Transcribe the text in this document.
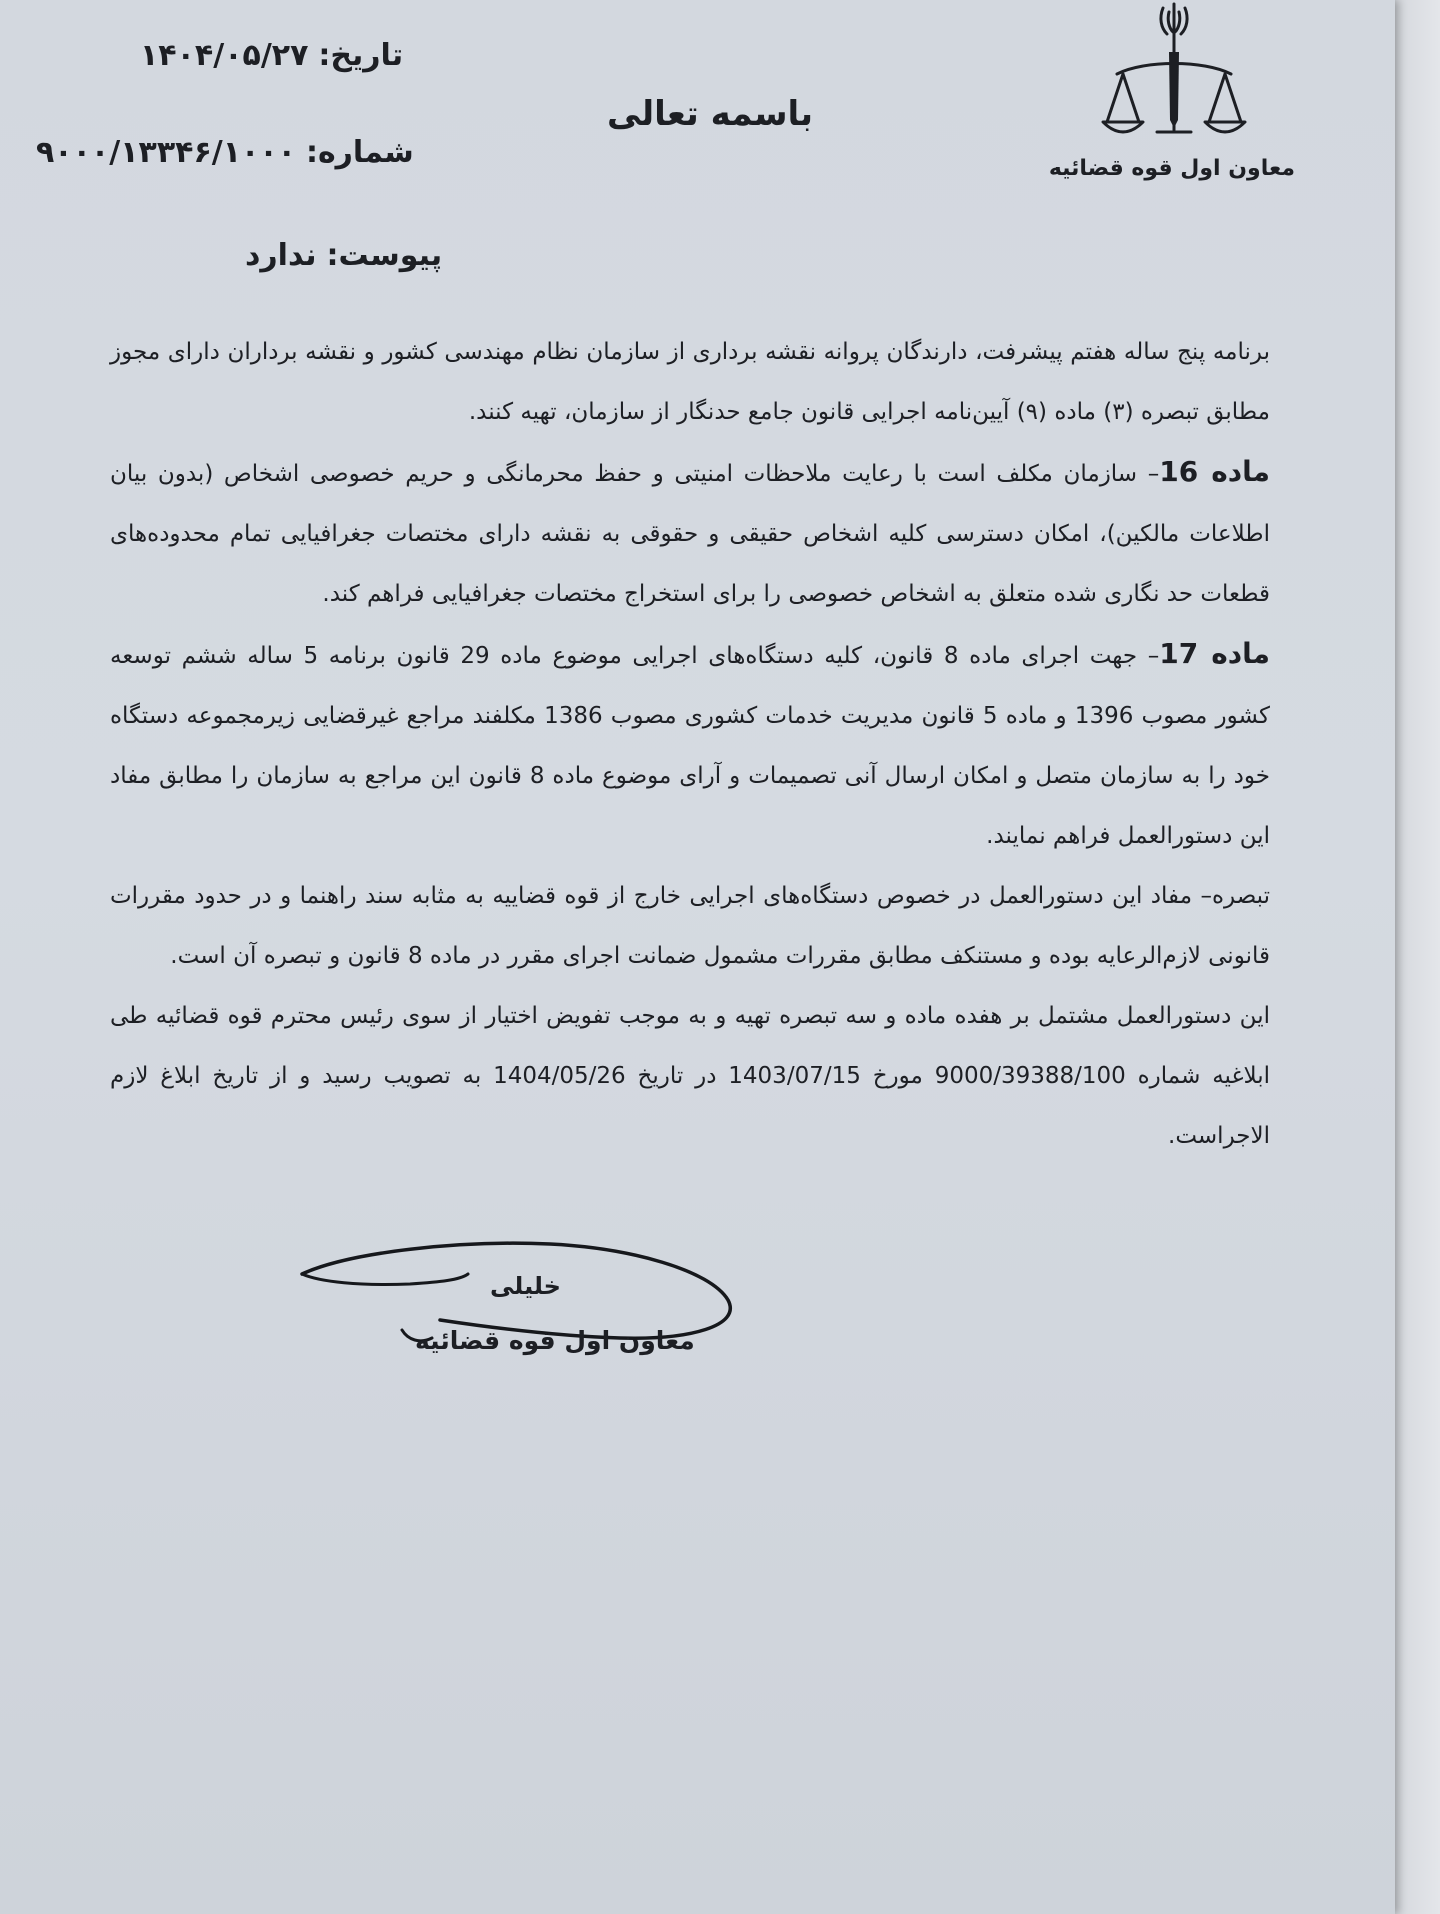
معاون اول قوه قضائیه
باسمه تعالی
تاریخ:۱۴۰۴/۰۵/۲۷
شماره:۹۰۰۰/۱۳۳۴۶/۱۰۰۰
پیوست:ندارد

برنامه پنج ساله هفتم پیشرفت، دارندگان پروانه نقشه برداری از سازمان نظام مهندسی کشور و نقشه برداران دارای مجوز مطابق تبصره (۳) ماده (۹) آیین‌نامه اجرایی قانون جامع حدنگار از سازمان، تهیه کنند.

ماده 16– سازمان مکلف است با رعایت ملاحظات امنیتی و حفظ محرمانگی و حریم خصوصی اشخاص (بدون بیان اطلاعات مالکین)، امکان دسترسی کلیه اشخاص حقیقی و حقوقی به نقشه دارای مختصات جغرافیایی تمام محدوده‌های قطعات حد نگاری شده متعلق به اشخاص خصوصی را برای استخراج مختصات جغرافیایی فراهم کند.

ماده 17– جهت اجرای ماده 8 قانون، کلیه دستگاه‌های اجرایی موضوع ماده 29 قانون برنامه 5 ساله ششم توسعه کشور مصوب 1396 و ماده 5 قانون مدیریت خدمات کشوری مصوب 1386 مکلفند مراجع غیرقضایی زیرمجموعه دستگاه خود را به سازمان متصل و امکان ارسال آنی تصمیمات و آرای موضوع ماده 8 قانون این مراجع به سازمان را مطابق مفاد این دستورالعمل فراهم نمایند.

تبصره– مفاد این دستورالعمل در خصوص دستگاه‌های اجرایی خارج از قوه قضاییه به مثابه سند راهنما و در حدود مقررات قانونی لازم‌الرعایه بوده و مستنکف مطابق مقررات مشمول ضمانت اجرای مقرر در ماده 8 قانون و تبصره آن است.

این دستورالعمل مشتمل بر هفده ماده و سه تبصره تهیه و به موجب تفویض اختیار از سوی رئیس محترم قوه قضائیه طی ابلاغیه شماره 9000/39388/100 مورخ 1403/07/15 در تاریخ 1404/05/26 به تصویب رسید و از تاریخ ابلاغ لازم الاجراست.

خلیلی
معاون اول قوه قضائیه
